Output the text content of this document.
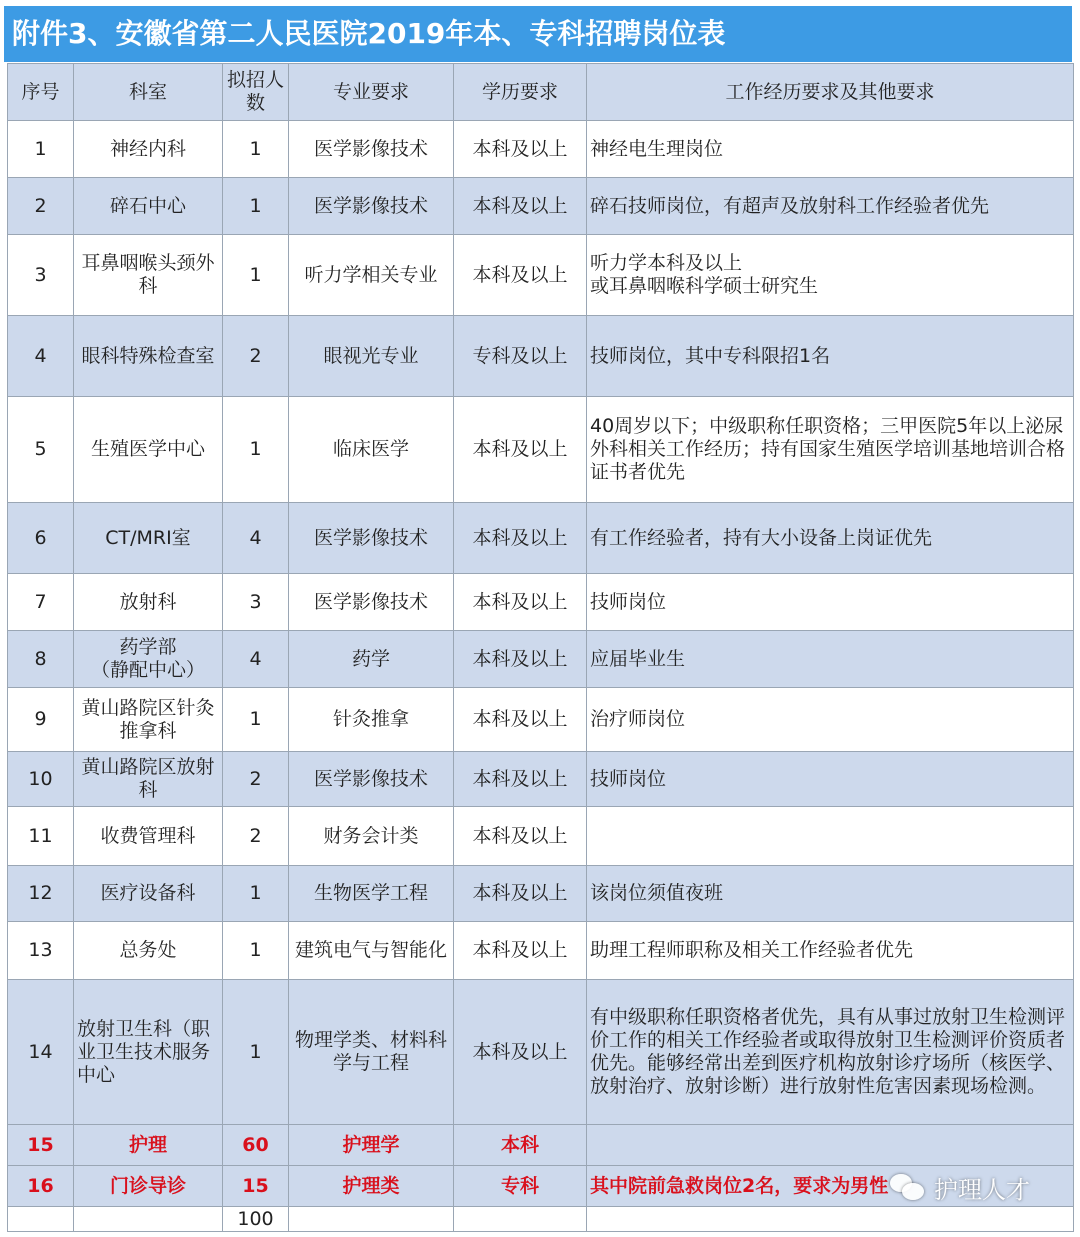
附件3、安徽省第二人民医院2019年本、专科招聘岗位表
序号	科室	拟招人数	专业要求	学历要求	工作经历要求及其他要求
1	神经内科	1	医学影像技术	本科及以上	神经电生理岗位
2	碎石中心	1	医学影像技术	本科及以上	碎石技师岗位，有超声及放射科工作经验者优先
3	耳鼻咽喉头颈外科	1	听力学相关专业	本科及以上	听力学本科及以上
或耳鼻咽喉科学硕士研究生

4	眼科特殊检查室	2	眼视光专业	专科及以上	技师岗位，其中专科限招1名
5	生殖医学中心	1	临床医学	本科及以上	40周岁以下；中级职称任职资格；三甲医院5年以上泌尿外科相关工作经历；持有国家生殖医学培训基地培训合格证书者优先
6	CT/MRI室	4	医学影像技术	本科及以上	有工作经验者，持有大小设备上岗证优先
7	放射科	3	医学影像技术	本科及以上	技师岗位
8	药学部
（静配中心）	4	药学	本科及以上	应届毕业生
9	黄山路院区针灸推拿科	1	针灸推拿	本科及以上	治疗师岗位
10	黄山路院区放射科	2	医学影像技术	本科及以上	技师岗位
11	收费管理科	2	财务会计类	本科及以上	
12	医疗设备科	1	生物医学工程	本科及以上	该岗位须值夜班
13	总务处	1	建筑电气与智能化	本科及以上	助理工程师职称及相关工作经验者优先
14	放射卫生科（职业卫生技术服务中心	1	物理学类、材料科学与工程	本科及以上	有中级职称任职资格者优先，具有从事过放射卫生检测评价工作的相关工作经验者或取得放射卫生检测评价资质者优先。能够经常出差到医疗机构放射诊疗场所（核医学、放射治疗、放射诊断）进行放射性危害因素现场检测。
15	护理	60	护理学	本科	
16	门诊导诊	15	护理类	专科	其中院前急救岗位2名，要求为男性
		100			
护理人才
